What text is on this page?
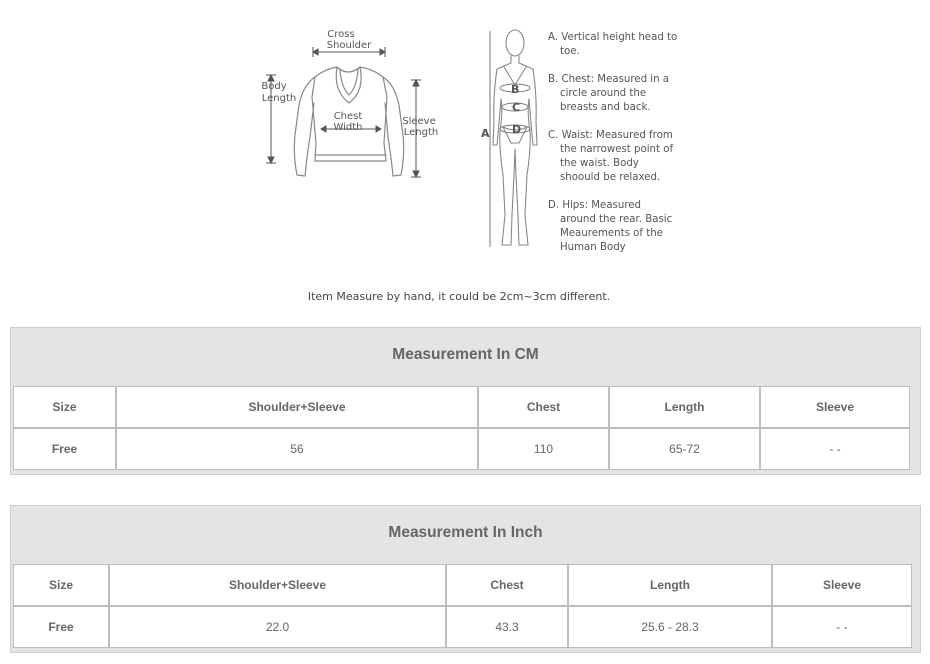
Cross
Shoulder
Body
Length
Chest
Width
Sleeve
Length	A
B
C
D

A. Vertical height head to toe.

B. Chest: Measured in a circle around the breasts and back.

C. Waist: Measured from the narrowest point of the waist. Body shoould be relaxed.

D. Hips: Measured around the rear. Basic Meaurements of the Human Body

Item Measure by hand, it could be 2cm~3cm different.
Measurement In CM
Size	Shoulder+Sleeve	Chest	Length	Sleeve
Free	56	110	65-72	- -
Measurement In Inch
Size	Shoulder+Sleeve	Chest	Length	Sleeve
Free	22.0	43.3	25.6 - 28.3	- -
